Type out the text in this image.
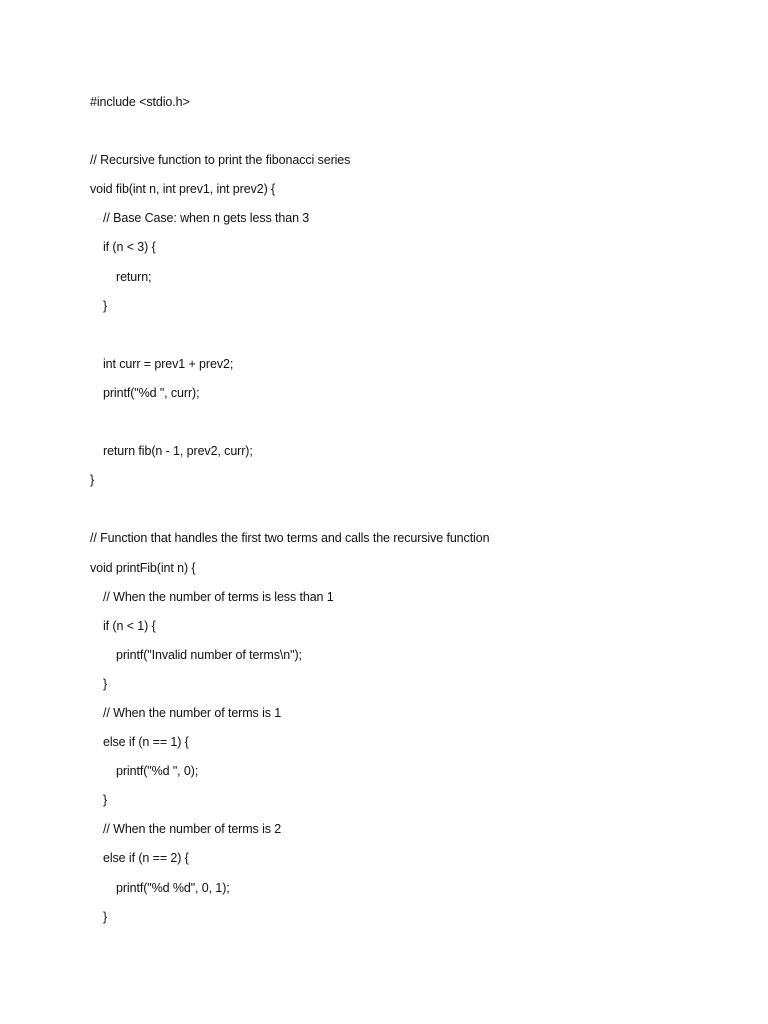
#include <stdio.h>
// Recursive function to print the fibonacci series
void fib(int n, int prev1, int prev2) {
// Base Case: when n gets less than 3
if (n < 3) {
return;
}
int curr = prev1 + prev2;
printf("%d ", curr);
return fib(n - 1, prev2, curr);
}
// Function that handles the first two terms and calls the recursive function
void printFib(int n) {
// When the number of terms is less than 1
if (n < 1) {
printf("Invalid number of terms\n");
}
// When the number of terms is 1
else if (n == 1) {
printf("%d ", 0);
}
// When the number of terms is 2
else if (n == 2) {
printf("%d %d", 0, 1);
}
